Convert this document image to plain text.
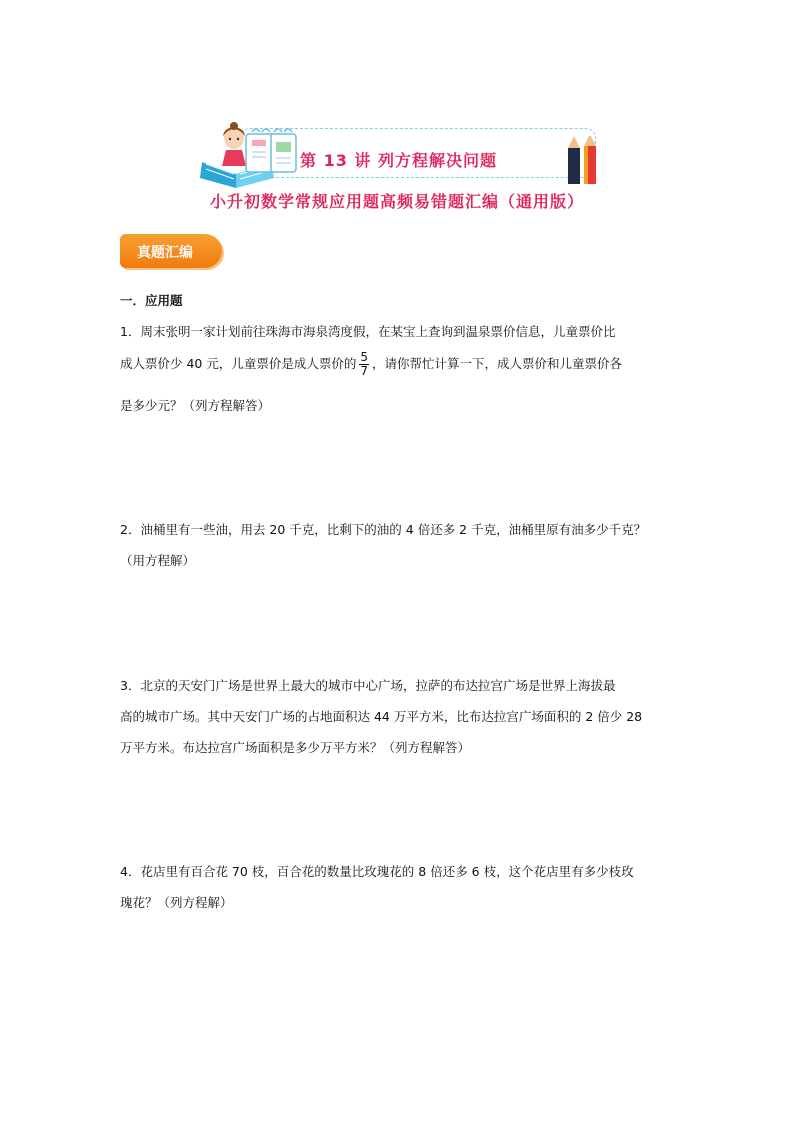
第 13 讲 列方程解决问题
小升初数学常规应用题高频易错题汇编（通用版）
真题汇编
一．应用题

1．周末张明一家计划前往珠海市海泉湾度假，在某宝上查询到温泉票价信息，儿童票价比

成人票价少 40 元，儿童票价是成人票价的 $\frac{5}{7}$ ，请你帮忙计算一下，成人票价和儿童票价各

是多少元？（列方程解答）

2．油桶里有一些油，用去 20 千克，比剩下的油的 4 倍还多 2 千克，油桶里原有油多少千克？

（用方程解）

3．北京的天安门广场是世界上最大的城市中心广场，拉萨的布达拉宫广场是世界上海拔最

高的城市广场。其中天安门广场的占地面积达 44 万平方米，比布达拉宫广场面积的 2 倍少 28

万平方米。布达拉宫广场面积是多少万平方米？（列方程解答）

4．花店里有百合花 70 枝，百合花的数量比玫瑰花的 8 倍还多 6 枝，这个花店里有多少枝玫

瑰花？（列方程解）
